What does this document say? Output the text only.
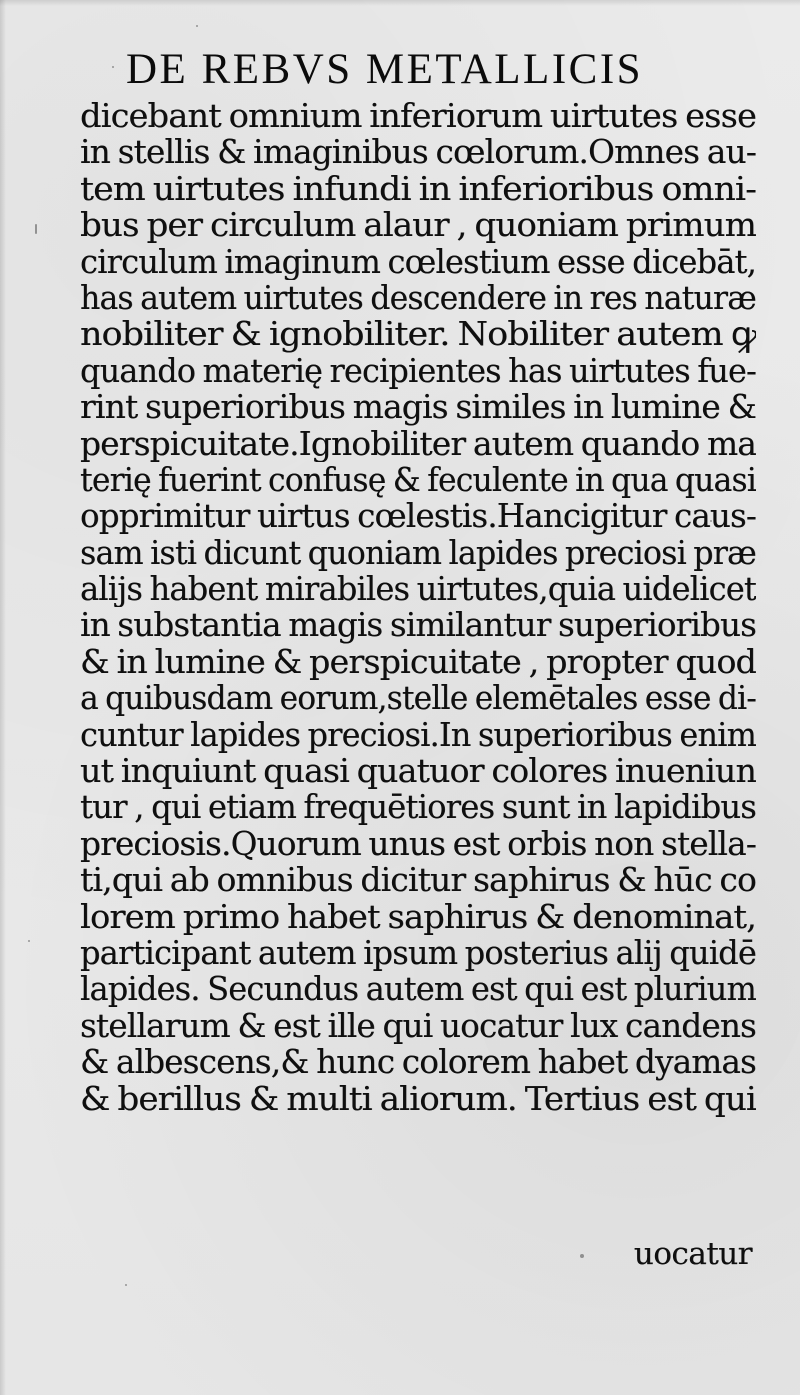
DE REBVS METALLICIS
dicebant omnium inferiorum uirtutes esse
in stellis & imaginibus cœlorum.Omnes au-
tem uirtutes infundi in inferioribus omni-
bus per circulum alaur , quoniam primum
circulum imaginum cœlestium esse dicebāt,
has autem uirtutes descendere in res naturæ
nobiliter & ignobiliter. Nobiliter autem ꝙ
quando materię recipientes has uirtutes fue-
rint superioribus magis similes in lumine &
perspicuitate.Ignobiliter autem quando ma
terię fuerint confusę & feculente in qua quasi
opprimitur uirtus cœlestis.Hancigitur caus-
sam isti dicunt quoniam lapides preciosi præ
aliјs habent mirabiles uirtutes,quia uidelicet
in substantia magis similantur superioribus
& in lumine & perspicuitate , propter quod
a quibusdam eorum,stelle elemētales esse di-
cuntur lapides preciosi.In superioribus enim
ut inquiunt quasi quatuor colores inueniun
tur , qui etiam frequētiores sunt in lapidibus
preciosis.Quorum unus est orbis non stella-
ti,qui ab omnibus dicitur saphirus & hūc co
lorem primo habet saphirus & denominat,
participant autem ipsum posterius aliј quidē
lapides. Secundus autem est qui est plurium
stellarum & est ille qui uocatur lux candens
& albescens,& hunc colorem habet dyamas
& berillus & multi aliorum. Tertius est qui
uocatur
